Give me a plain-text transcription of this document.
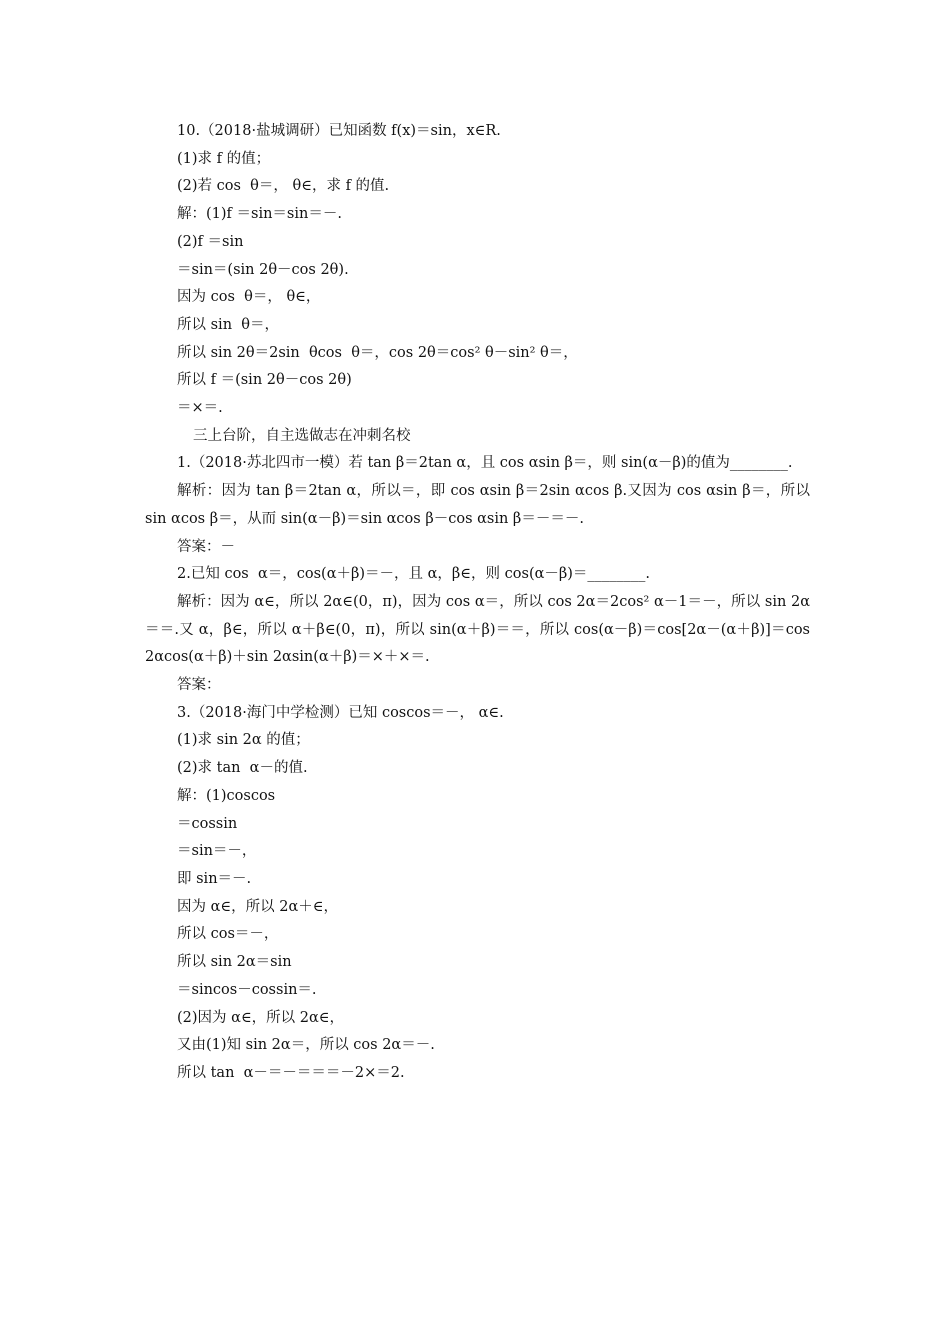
10.（2018·盐城调研）已知函数 f(x)＝sin，x∈R.
(1)求 f 的值；
(2)若 cos  θ＝， θ∈，求 f 的值.
解：(1)f ＝sin＝sin＝－.
(2)f ＝sin
＝sin＝(sin 2θ－cos 2θ).
因为 cos  θ＝， θ∈，
所以 sin  θ＝，
所以 sin 2θ＝2sin  θcos  θ＝，cos 2θ＝cos² θ－sin² θ＝，
所以 f ＝(sin 2θ－cos 2θ)
＝×＝.
三上台阶，自主选做志在冲刺名校
1.（2018·苏北四市一模）若 tan β＝2tan α，且 cos αsin β＝，则 sin(α－β)的值为________.
解析：因为 tan β＝2tan α，所以＝，即 cos αsin β＝2sin αcos β.又因为 cos αsin β＝，所以 sin αcos β＝，从而 sin(α－β)＝sin αcos β－cos αsin β＝－＝－.
答案：－
2.已知 cos  α＝，cos(α＋β)＝－，且 α，β∈，则 cos(α－β)＝________.
解析：因为 α∈，所以 2α∈(0，π)，因为 cos α＝，所以 cos 2α＝2cos² α－1＝－，所以 sin 2α＝＝.又 α，β∈，所以 α＋β∈(0，π)，所以 sin(α＋β)＝＝，所以 cos(α－β)＝cos[2α－(α＋β)]＝cos 2αcos(α＋β)＋sin 2αsin(α＋β)＝×＋×＝.
答案：
3.（2018·海门中学检测）已知 coscos＝－， α∈.
(1)求 sin 2α 的值；
(2)求 tan  α－的值.
解：(1)coscos
＝cossin
＝sin＝－，
即 sin＝－.
因为 α∈，所以 2α＋∈，
所以 cos＝－，
所以 sin 2α＝sin
＝sincos－cossin＝.
(2)因为 α∈，所以 2α∈，
又由(1)知 sin 2α＝，所以 cos 2α＝－.
所以 tan  α－＝－＝＝＝－2×＝2.
